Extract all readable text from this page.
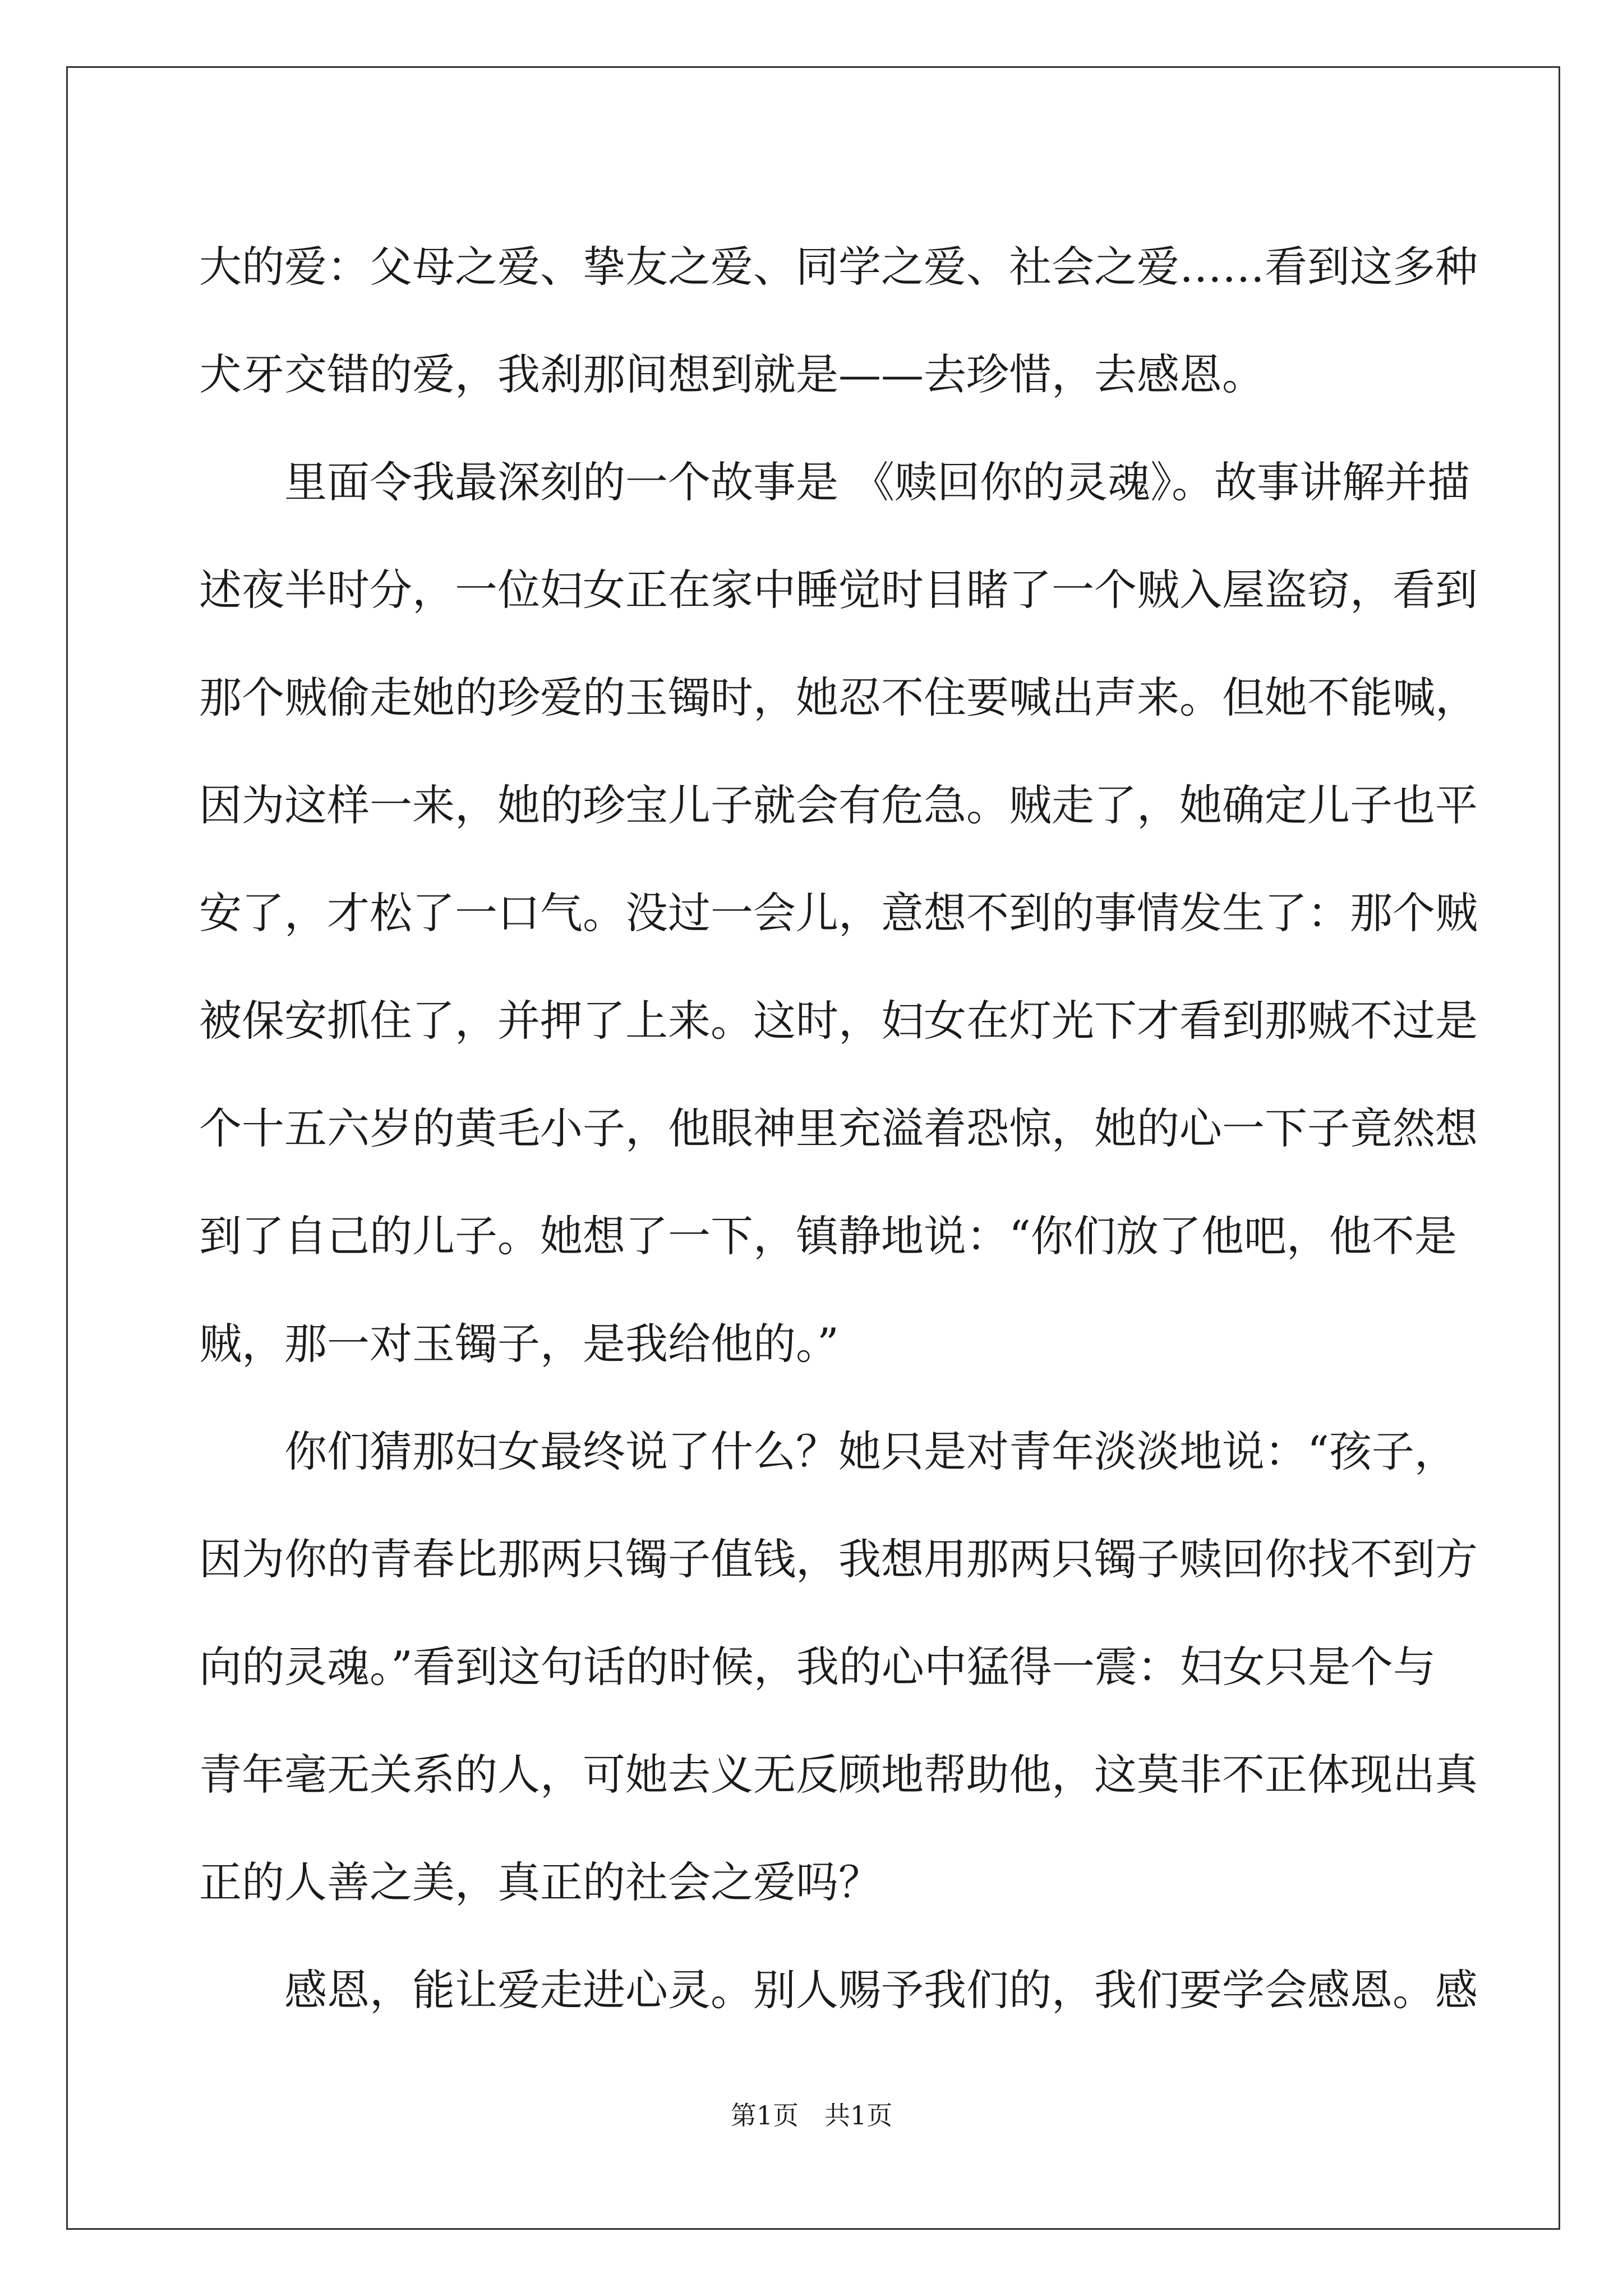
大的爱：父母之爱、挚友之爱、同学之爱、社会之爱……看到这多种
犬牙交错的爱，我刹那间想到就是——去珍惜，去感恩。
　　里面令我最深刻的一个故事是 《赎回你的灵魂》。故事讲解并描
述夜半时分，一位妇女正在家中睡觉时目睹了一个贼入屋盗窃，看到
那个贼偷走她的珍爱的玉镯时，她忍不住要喊出声来。但她不能喊，
因为这样一来，她的珍宝儿子就会有危急。贼走了，她确定儿子也平
安了，才松了一口气。没过一会儿，意想不到的事情发生了：那个贼
被保安抓住了，并押了上来。这时，妇女在灯光下才看到那贼不过是
个十五六岁的黄毛小子，他眼神里充溢着恐惊，她的心一下子竟然想
到了自己的儿子。她想了一下，镇静地说：“你们放了他吧，他不是
贼，那一对玉镯子，是我给他的。”
　　你们猜那妇女最终说了什么？她只是对青年淡淡地说：“孩子，
因为你的青春比那两只镯子值钱，我想用那两只镯子赎回你找不到方
向的灵魂。”看到这句话的时候，我的心中猛得一震：妇女只是个与
青年毫无关系的人，可她去义无反顾地帮助他，这莫非不正体现出真
正的人善之美，真正的社会之爱吗？
　　感恩，能让爱走进心灵。别人赐予我们的，我们要学会感恩。感
第1页　共1页
